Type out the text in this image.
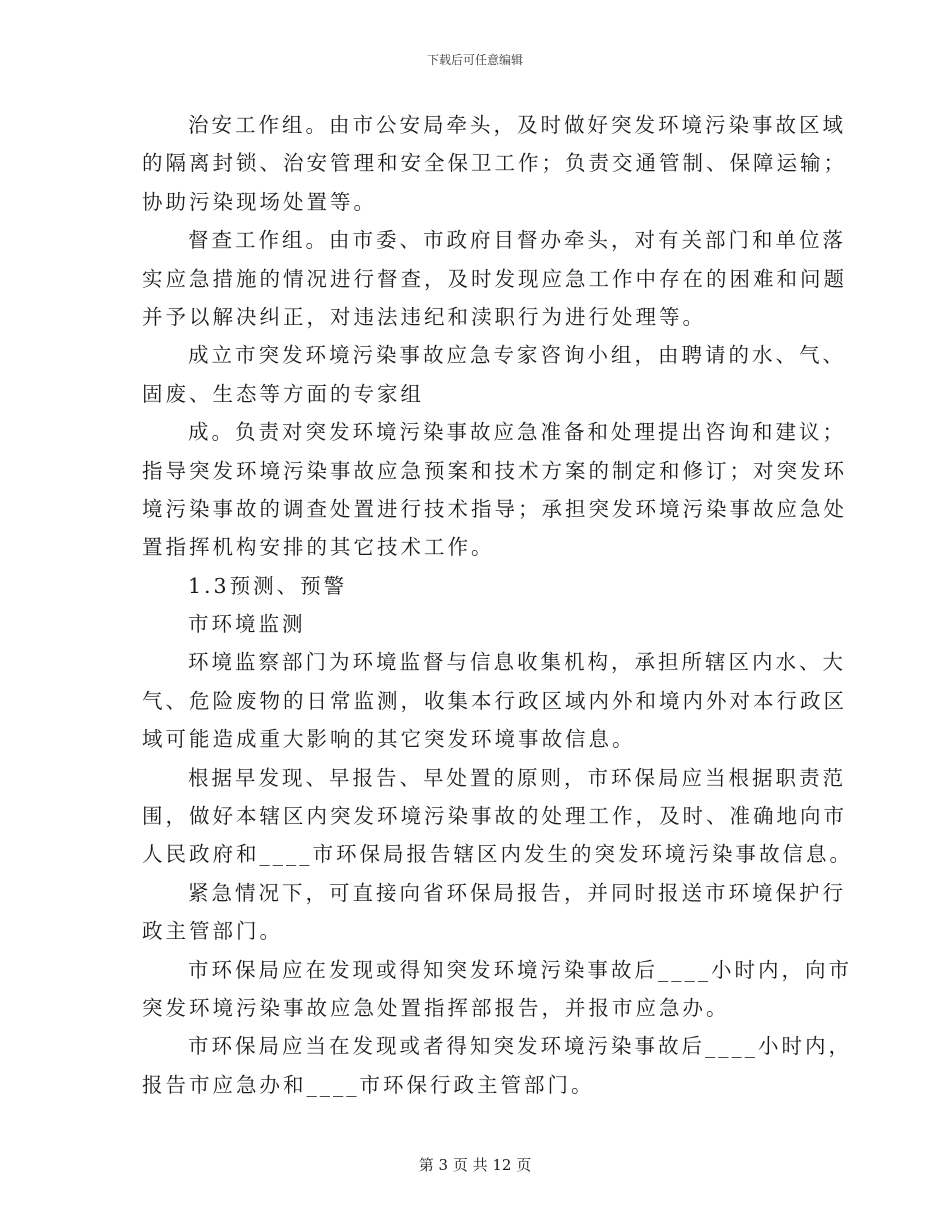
下载后可任意编辑
治安工作组。由市公安局牵头，及时做好突发环境污染事故区域
的隔离封锁、治安管理和安全保卫工作；负责交通管制、保障运输；
协助污染现场处置等。
督查工作组。由市委、市政府目督办牵头，对有关部门和单位落
实应急措施的情况进行督查，及时发现应急工作中存在的困难和问题
并予以解决纠正，对违法违纪和渎职行为进行处理等。
成立市突发环境污染事故应急专家咨询小组，由聘请的水、气、
固废、生态等方面的专家组
成。负责对突发环境污染事故应急准备和处理提出咨询和建议；
指导突发环境污染事故应急预案和技术方案的制定和修订；对突发环
境污染事故的调查处置进行技术指导；承担突发环境污染事故应急处
置指挥机构安排的其它技术工作。
1.3预测、预警
市环境监测
环境监察部门为环境监督与信息收集机构，承担所辖区内水、大
气、危险废物的日常监测，收集本行政区域内外和境内外对本行政区
域可能造成重大影响的其它突发环境事故信息。
根据早发现、早报告、早处置的原则，市环保局应当根据职责范
围，做好本辖区内突发环境污染事故的处理工作，及时、准确地向市
人民政府和____市环保局报告辖区内发生的突发环境污染事故信息。
紧急情况下，可直接向省环保局报告，并同时报送市环境保护行
政主管部门。
市环保局应在发现或得知突发环境污染事故后____小时内，向市
突发环境污染事故应急处置指挥部报告，并报市应急办。
市环保局应当在发现或者得知突发环境污染事故后____小时内，
报告市应急办和____市环保行政主管部门。
第 3 页 共 12 页
